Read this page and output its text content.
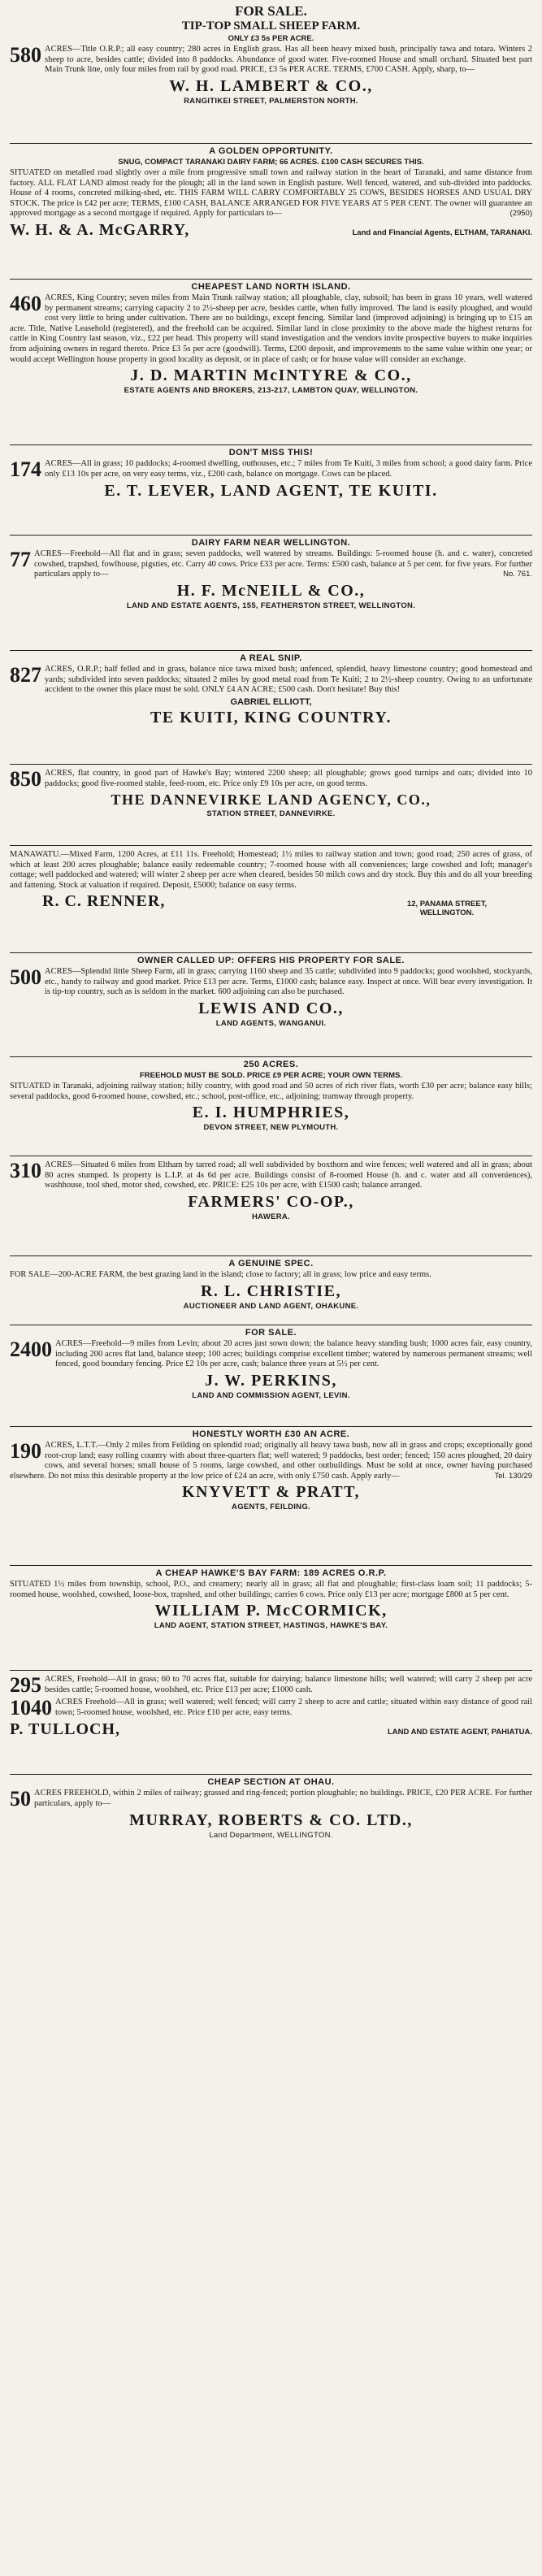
FOR SALE.
TIP-TOP SMALL SHEEP FARM.
ONLY £3 5s PER ACRE.
580 ACRES—Title O.R.P.; all easy country; 280 acres in English grass. Has all been heavy mixed bush, principally tawa and totara. Winters 2 sheep to acre, besides cattle; divided into 8 paddocks. Abundance of good water. Five-roomed House and small orchard. Situated best part Main Trunk line, only four miles from rail by good road. PRICE, £3 5s PER ACRE. TERMS, £700 CASH. Apply, sharp, to—
W. H. LAMBERT & CO.,
RANGITIKEI STREET, PALMERSTON NORTH.
A GOLDEN OPPORTUNITY.
SNUG, COMPACT TARANAKI DAIRY FARM; 66 ACRES. £100 CASH SECURES THIS.
SITUATED on metalled road slightly over a mile from progressive small town and railway station in the heart of Taranaki, and same distance from factory. ALL FLAT LAND almost ready for the plough; all in the land sown in English pasture. Well fenced, watered, and sub-divided into paddocks. House of 4 rooms, concreted milking-shed, etc. THIS FARM WILL CARRY COMFORTABLY 25 COWS, BESIDES HORSES AND USUAL DRY STOCK. The price is £42 per acre; TERMS, £100 CASH, BALANCE ARRANGED FOR FIVE YEARS AT 5 PER CENT. The owner will guarantee an approved mortgage as a second mortgage if required. Apply for particulars to—	(2950)
W. H. & A. McGARRY,	Land and Financial Agents, ELTHAM, TARANAKI.
CHEAPEST LAND NORTH ISLAND.
460 ACRES, King Country; seven miles from Main Trunk railway station; all ploughable, clay, subsoil; has been in grass 10 years, well watered by permanent streams; carrying capacity 2 to 2½-sheep per acre, besides cattle, when fully improved. The land is easily ploughed, and would cost very little to bring under cultivation. There are no buildings, except fencing. Similar land (improved adjoining) is bringing up to £15 an acre. Title, Native Leasehold (registered), and the freehold can be acquired. Similar land in close proximity to the above made the highest returns for cattle in King Country last season, viz., £22 per head. This property will stand investigation and the vendors invite prospective buyers to make inquiries from adjoining owners in regard thereto. Price £3 5s per acre (goodwill). Terms, £200 deposit, and improvements to the same value within one year; or would accept Wellington house property in good locality as deposit, or in place of cash; or for house value will consider an exchange.
J. D. MARTIN McINTYRE & CO.,
ESTATE AGENTS AND BROKERS, 213-217, LAMBTON QUAY, WELLINGTON.
DON'T MISS THIS!
174 ACRES—All in grass; 10 paddocks; 4-roomed dwelling, outhouses, etc.; 7 miles from Te Kuiti, 3 miles from school; a good dairy farm. Price only £13 10s per acre, on very easy terms, viz., £200 cash, balance on mortgage. Cows can be placed.
E. T. LEVER, LAND AGENT, TE KUITI.
DAIRY FARM NEAR WELLINGTON.
77 ACRES—Freehold—All flat and in grass; seven paddocks, well watered by streams. Buildings: 5-roomed house (h. and c. water), concreted cowshed, trapshed, fowlhouse, pigsties, etc. Carry 40 cows. Price £33 per acre. Terms: £500 cash, balance at 5 per cent. for five years. For further particulars apply to—	No. 761.
H. F. McNEILL & CO.,
LAND AND ESTATE AGENTS, 155, FEATHERSTON STREET, WELLINGTON.
A REAL SNIP.
827 ACRES, O.R.P.; half felled and in grass, balance nice tawa mixed bush; unfenced, splendid, heavy limestone country; good homestead and yards; subdivided into seven paddocks; situated 2 miles by good metal road from Te Kuiti; 2 to 2½-sheep country. Owing to an unfortunate accident to the owner this place must be sold. ONLY £4 AN ACRE; £500 cash. Don't hesitate! Buy this!
GABRIEL ELLIOTT,
TE KUITI, KING COUNTRY.
850 ACRES, flat country, in good part of Hawke's Bay; wintered 2200 sheep; all ploughable; grows good turnips and oats; divided into 10 paddocks; good five-roomed stable, feed-room, etc. Price only £9 10s per acre, on good terms.
THE DANNEVIRKE LAND AGENCY, CO.,
STATION STREET, DANNEVIRKE.
MANAWATU.—Mixed Farm, 1200 Acres, at £11 11s. Freehold; Homestead; 1½ miles to railway station and town; good road; 250 acres of grass, of which at least 200 acres ploughable; balance easily redeemable country; 7-roomed house with all conveniences; large cowshed and loft; manager's cottage; well paddocked and watered; will winter 2 sheep per acre when cleared, besides 50 milch cows and dry stock. Buy this and do all your breeding and fattening. Stock at valuation if required. Deposit, £5000; balance on easy terms.
R. C. RENNER,	12, PANAMA STREET, WELLINGTON.
OWNER CALLED UP: OFFERS HIS PROPERTY FOR SALE.
500 ACRES—Splendid little Sheep Farm, all in grass; carrying 1160 sheep and 35 cattle; subdivided into 9 paddocks; good woolshed, stockyards, etc., handy to railway and good market. Price £13 per acre. Terms, £1000 cash; balance easy. Inspect at once. Will bear every investigation. It is tip-top country, such as is seldom in the market. 600 adjoining can also be purchased.
LEWIS AND CO.,
LAND AGENTS, WANGANUI.
250 ACRES.
FREEHOLD MUST BE SOLD. PRICE £9 PER ACRE; YOUR OWN TERMS.
SITUATED in Taranaki, adjoining railway station; hilly country, with good road and 50 acres of rich river flats, worth £30 per acre; balance easy hills; several paddocks, good 6-roomed house, cowshed, etc.; school, post-office, etc., adjoining; tramway through property.
E. I. HUMPHRIES,
DEVON STREET, NEW PLYMOUTH.
310 ACRES—Situated 6 miles from Eltham by tarred road; all well subdivided by boxthorn and wire fences; well watered and all in grass; about 80 acres stumped. Is property is L.I.P. at 4s 6d per acre. Buildings consist of 8-roomed House (h. and c. water and all conveniences), washhouse, tool shed, motor shed, cowshed, etc. PRICE: £25 10s per acre, with £1500 cash; balance arranged.
FARMERS' CO-OP.,
HAWERA.
A GENUINE SPEC.
FOR SALE—200-ACRE FARM, the best grazing land in the island; close to factory; all in grass; low price and easy terms.
R. L. CHRISTIE,
AUCTIONEER AND LAND AGENT, OHAKUNE.
FOR SALE.
2400 ACRES—Freehold—9 miles from Levin; about 20 acres just sown down; the balance heavy standing bush; 1000 acres fair, easy country, including 200 acres flat land, balance steep; 100 acres; buildings comprise excellent timber; watered by numerous permanent streams; well fenced, good boundary fencing. Price £2 10s per acre, cash; balance three years at 5½ per cent.
J. W. PERKINS,
LAND AND COMMISSION AGENT, LEVIN.
HONESTLY WORTH £30 AN ACRE.
190 ACRES, L.T.T.—Only 2 miles from Feilding on splendid road; originally all heavy tawa bush, now all in grass and crops; exceptionally good root-crop land; easy rolling country with about three-quarters flat; well watered; 9 paddocks, best order; fenced; 150 acres ploughed, 20 dairy cows, and several horses; small house of 5 rooms, large cowshed, and other outbuildings. Must be sold at once, owner having purchased elsewhere. Do not miss this desirable property at the low price of £24 an acre, with only £750 cash. Apply early—	Tel. 130/29
KNYVETT & PRATT,
AGENTS, FEILDING.
A CHEAP HAWKE'S BAY FARM: 189 ACRES O.R.P.
SITUATED 1½ miles from township, school, P.O., and creamery; nearly all in grass; all flat and ploughable; first-class loam soil; 11 paddocks; 5-roomed house, woolshed, cowshed, loose-box, trapshed, and other buildings; carries 6 cows. Price only £13 per acre; mortgage £800 at 5 per cent.
WILLIAM P. McCORMICK,
LAND AGENT, STATION STREET, HASTINGS, HAWKE'S BAY.
295 ACRES, Freehold—All in grass; 60 to 70 acres flat, suitable for dairying; balance limestone hills; well watered; will carry 2 sheep per acre besides cattle; 5-roomed house, woolshed, etc. Price £13 per acre; £1000 cash.
1040 ACRES Freehold—All in grass; well watered; well fenced; will carry 2 sheep to acre and cattle; situated within easy distance of good rail town; 5-roomed house, woolshed, etc. Price £10 per acre, easy terms.
P. TULLOCH,	LAND AND ESTATE AGENT, PAHIATUA.
CHEAP SECTION AT OHAU.
50 ACRES FREEHOLD, within 2 miles of railway; grassed and ring-fenced; portion ploughable; no buildings. PRICE, £20 PER ACRE. For further particulars, apply to—
MURRAY, ROBERTS & CO. LTD.,
Land Department, WELLINGTON.
